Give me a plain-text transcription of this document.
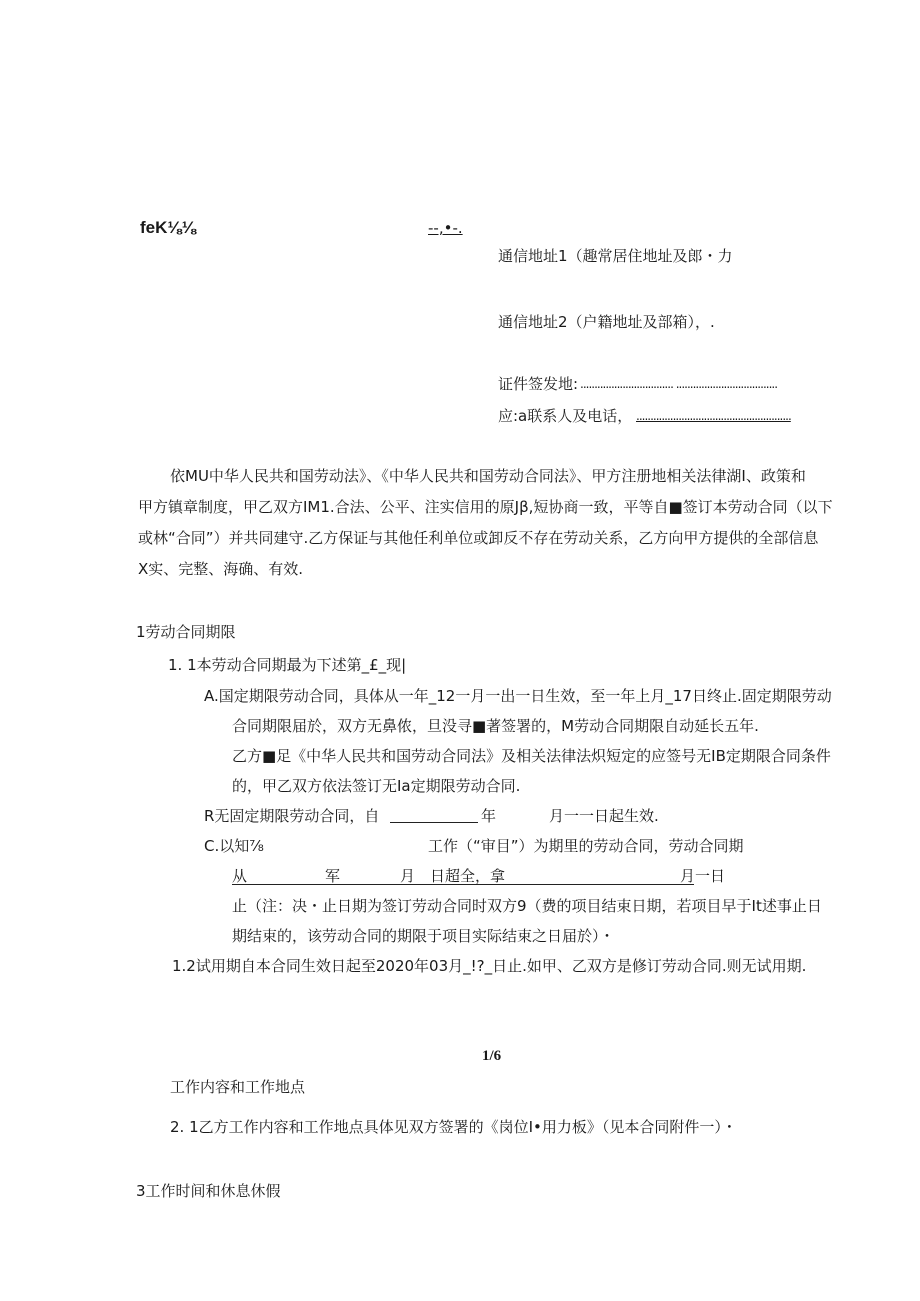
feK⅛⅛	--,•-.
通信地址1（趣常居住地址及郎・力
通信地址2（户籍地址及部箱），.
证件签发地: ................................. ....................................
应:a联系人及电话， .......................................................
依MU中华人民共和国劳动法》、《中华人民共和国劳动合同法》、甲方注册地相关法律湖I、政策和
甲方镇章制度，甲乙双方IM1.合法、公平、注实信用的原Jβ,短协商一致，平等自■签订本劳动合同（以下
或林“合同”）并共同建守.乙方保证与其他任利单位或卸反不存在劳动关系，乙方向甲方提供的全部信息
X实、完整、海确、有效.
1劳动合同期限
1. 1本劳动合同期最为下述第_£_现|
A.国定期限劳动合同，具体从一年_12一月一出一日生效，至一年上月_17日终止.固定期限劳动
合同期限届於，双方无鼻侬，旦没寻■著签署的，M劳动合同期限自动延长五年.
乙方■足《中华人民共和国劳动合同法》及相关法律法炽短定的应签号无IB定期限合同条件
的，甲乙双方依法签订无Ia定期限劳动合同.
R无固定期限劳动合同，自	年	月一一日起生效.
C.以知⅞	工作（“审目”）为期里的劳动合同，劳动合同期
从	军	月 日超全，拿	月一日
止（注：决・止日期为签订劳动合同时双方9（费的项目结束日期，若项目早于It述事止日
期结束的，该劳动合同的期限于项目实际结束之日届於）・
1.2试用期自本合同生效日起至2020年03月_!?_日止.如甲、乙双方是修订劳动合同.则无试用期.
1/6
工作内容和工作地点
2. 1乙方工作内容和工作地点具体见双方签署的《岗位I•用力板》（见本合同附件一）・
3工作时间和休息休假
